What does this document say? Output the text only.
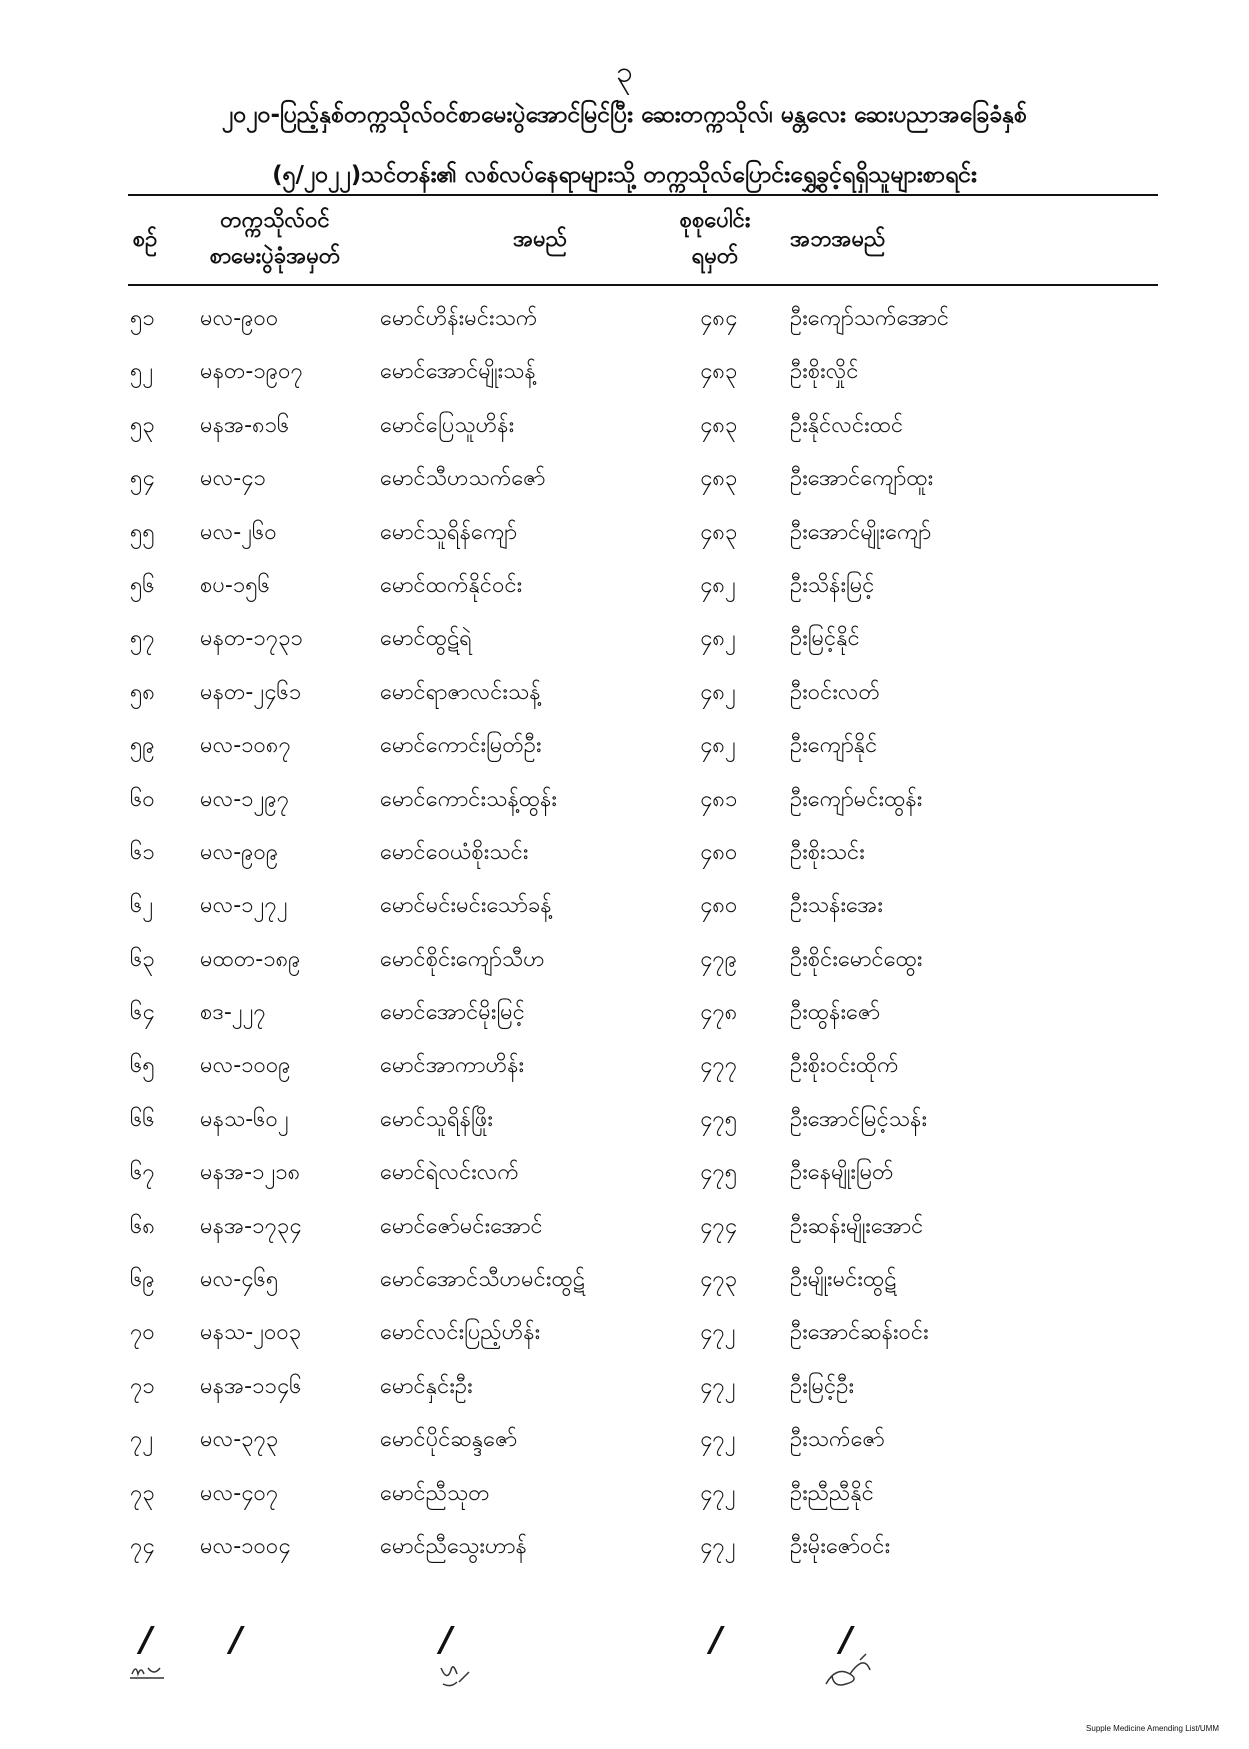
၃
၂၀၂၀-ပြည့်နှစ်တက္ကသိုလ်ဝင်စာမေးပွဲအောင်မြင်ပြီး ဆေးတက္ကသိုလ်၊ မန္တလေး ဆေးပညာအခြေခံနှစ်
(၅/၂၀၂၂)သင်တန်း၏ လစ်လပ်နေရာများသို့ တက္ကသိုလ်ပြောင်းရွှေ့ခွင့်ရရှိသူများစာရင်း
စဉ်
တက္ကသိုလ်ဝင်
စာမေးပွဲခုံအမှတ်
အမည်
စုစုပေါင်း
ရမှတ်
အဘအမည်
၅၁ မလ-၉၀၀	မောင်ဟိန်းမင်းသက်	၄၈၄ ဦးကျော်သက်အောင်
၅၂ မနတ-၁၉၀၇	မောင်အောင်မျိုးသန့်	၄၈၃ ဦးစိုးလှိုင်
၅၃ မနအ-၈၁၆	မောင်ပြေသူဟိန်း	၄၈၃ ဦးနိုင်လင်းထင်
၅၄ မလ-၄၁	မောင်သီဟသက်ဇော်	၄၈၃ ဦးအောင်ကျော်ထူး
၅၅ မလ-၂၆၀	မောင်သူရိန်ကျော်	၄၈၃ ဦးအောင်မျိုးကျော်
၅၆ စပ-၁၅၆	မောင်ထက်နိုင်ဝင်း	၄၈၂ ဦးသိန်းမြင့်
၅၇ မနတ-၁၇၃၁	မောင်ထွဋ်ရဲ	၄၈၂ ဦးမြင့်နိုင်
၅၈ မနတ-၂၄၆၁	မောင်ရာဇာလင်းသန့်	၄၈၂ ဦးဝင်းလတ်
၅၉ မလ-၁၀၈၇	မောင်ကောင်းမြတ်ဦး	၄၈၂ ဦးကျော်နိုင်
၆၀ မလ-၁၂၉၇	မောင်ကောင်းသန့်ထွန်း	၄၈၁ ဦးကျော်မင်းထွန်း
၆၁ မလ-၉၀၉	မောင်ဝေယံစိုးသင်း	၄၈၀ ဦးစိုးသင်း
၆၂ မလ-၁၂၇၂	မောင်မင်းမင်းသော်ခန့်	၄၈၀ ဦးသန်းအေး
၆၃ မထတ-၁၈၉	မောင်စိုင်းကျော်သီဟ	၄၇၉ ဦးစိုင်းမောင်ထွေး
၆၄ စဒ-၂၂၇	မောင်အောင်မိုးမြင့်	၄၇၈ ဦးထွန်းဇော်
၆၅ မလ-၁၀၀၉	မောင်အာကာဟိန်း	၄၇၇ ဦးစိုးဝင်းထိုက်
၆၆ မနသ-၆၀၂	မောင်သူရိန်ဖြိုး	၄၇၅ ဦးအောင်မြင့်သန်း
၆၇ မနအ-၁၂၁၈	မောင်ရဲလင်းလက်	၄၇၅ ဦးနေမျိုးမြတ်
၆၈ မနအ-၁၇၃၄	မောင်ဇော်မင်းအောင်	၄၇၄ ဦးဆန်းမျိုးအောင်
၆၉ မလ-၄၆၅	မောင်အောင်သီဟမင်းထွဋ်	၄၇၃ ဦးမျိုးမင်းထွဋ်
၇၀ မနသ-၂၀၀၃	မောင်လင်းပြည့်ဟိန်း	၄၇၂ ဦးအောင်ဆန်းဝင်း
၇၁ မနအ-၁၁၄၆	မောင်နှင်းဦး	၄၇၂ ဦးမြင့်ဦး
၇၂ မလ-၃၇၃	မောင်ပိုင်ဆန္ဒဇော်	၄၇၂ ဦးသက်ဇော်
၇၃ မလ-၄၀၇	မောင်ညီသုတ	၄၇၂ ဦးညီညီနိုင်
၇၄ မလ-၁၀၀၄	မောင်ညီသွေးဟာန်	၄၇၂ ဦးမိုးဇော်ဝင်း
/ /	/	/	/
Supple Medicine Amending List/UMM
